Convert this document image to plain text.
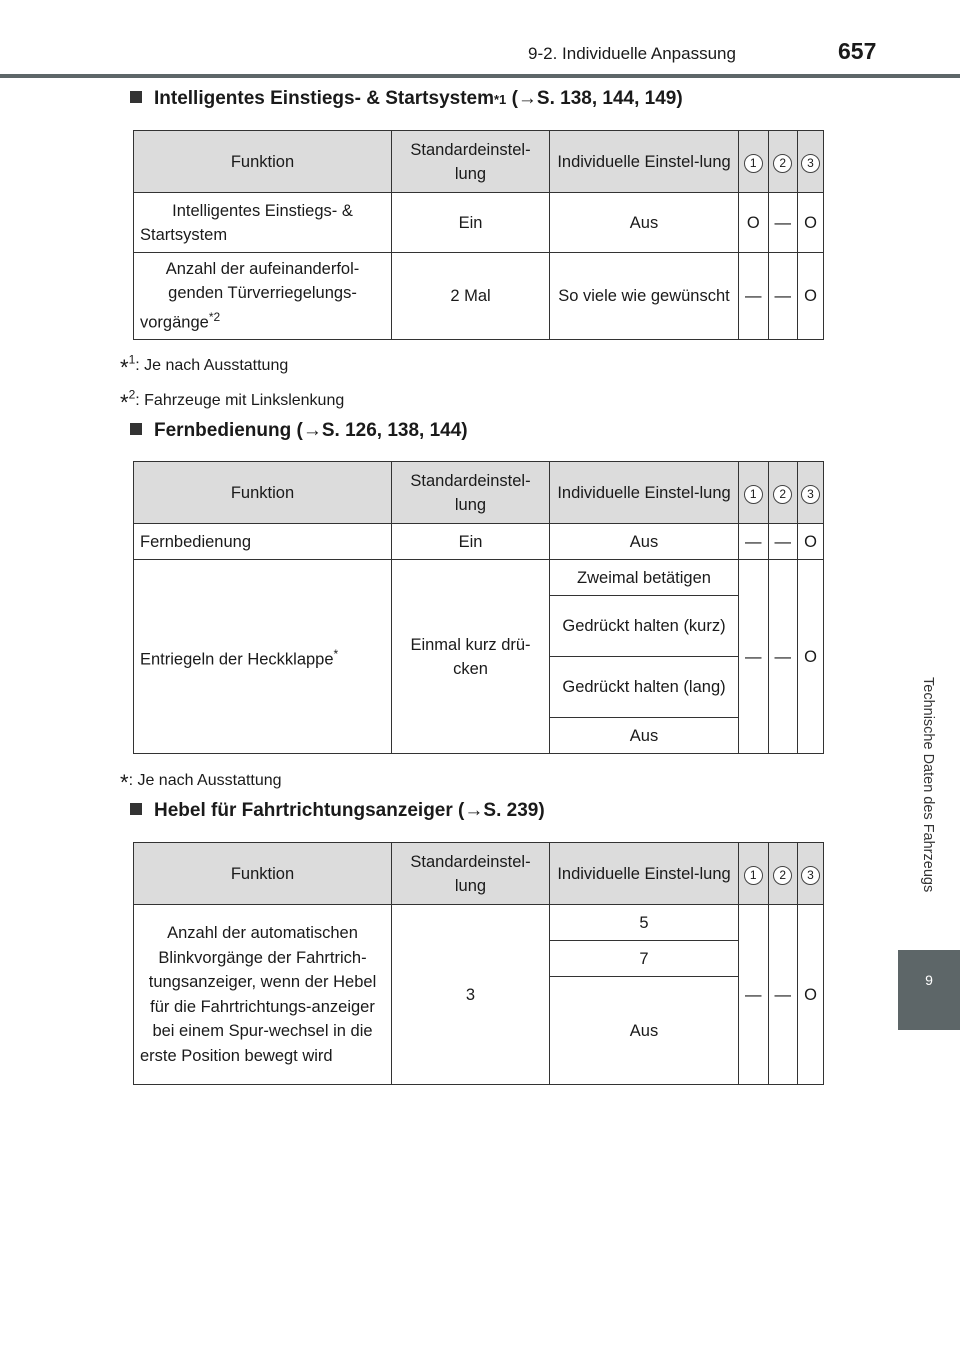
9-2. Individuelle Anpassung	657
Technische Daten des Fahrzeugs
9
Intelligentes Einstiegs- & Startsystem *1 ( → S. 138, 144, 149)
Funktion	Standardeinstel-lung	Individuelle Einstel-lung	1	2	3
Intelligentes Einstiegs- & Startsystem	Ein	Aus	O	—	O
Anzahl der aufeinanderfol-genden Türverriegelungs-vorgänge$^{*2}$	2 Mal	So viele wie gewünscht	—	—	O
*$^1$: Je nach Ausstattung
*$^2$: Fahrzeuge mit Linkslenkung
Fernbedienung ( → S. 126, 138, 144)
Funktion	Standardeinstel-lung	Individuelle Einstel-lung	1	2	3
Fernbedienung	Ein	Aus	—	—	O
Entriegeln der Heckklappe*	Einmal kurz drü-cken	Zweimal betätigen	—	—	O
		Gedrückt halten (kurz)			
		Gedrückt halten (lang)			
		Aus			
*: Je nach Ausstattung
Hebel für Fahrtrichtungsanzeiger ( → S. 239)
Funktion	Standardeinstel-lung	Individuelle Einstel-lung	1	2	3
Anzahl der automatischen Blinkvorgänge der Fahrtrich-tungsanzeiger, wenn der Hebel für die Fahrtrichtungs-anzeiger bei einem Spur-wechsel in die erste Position bewegt wird	3	5	—	—	O
		7			
		Aus			
